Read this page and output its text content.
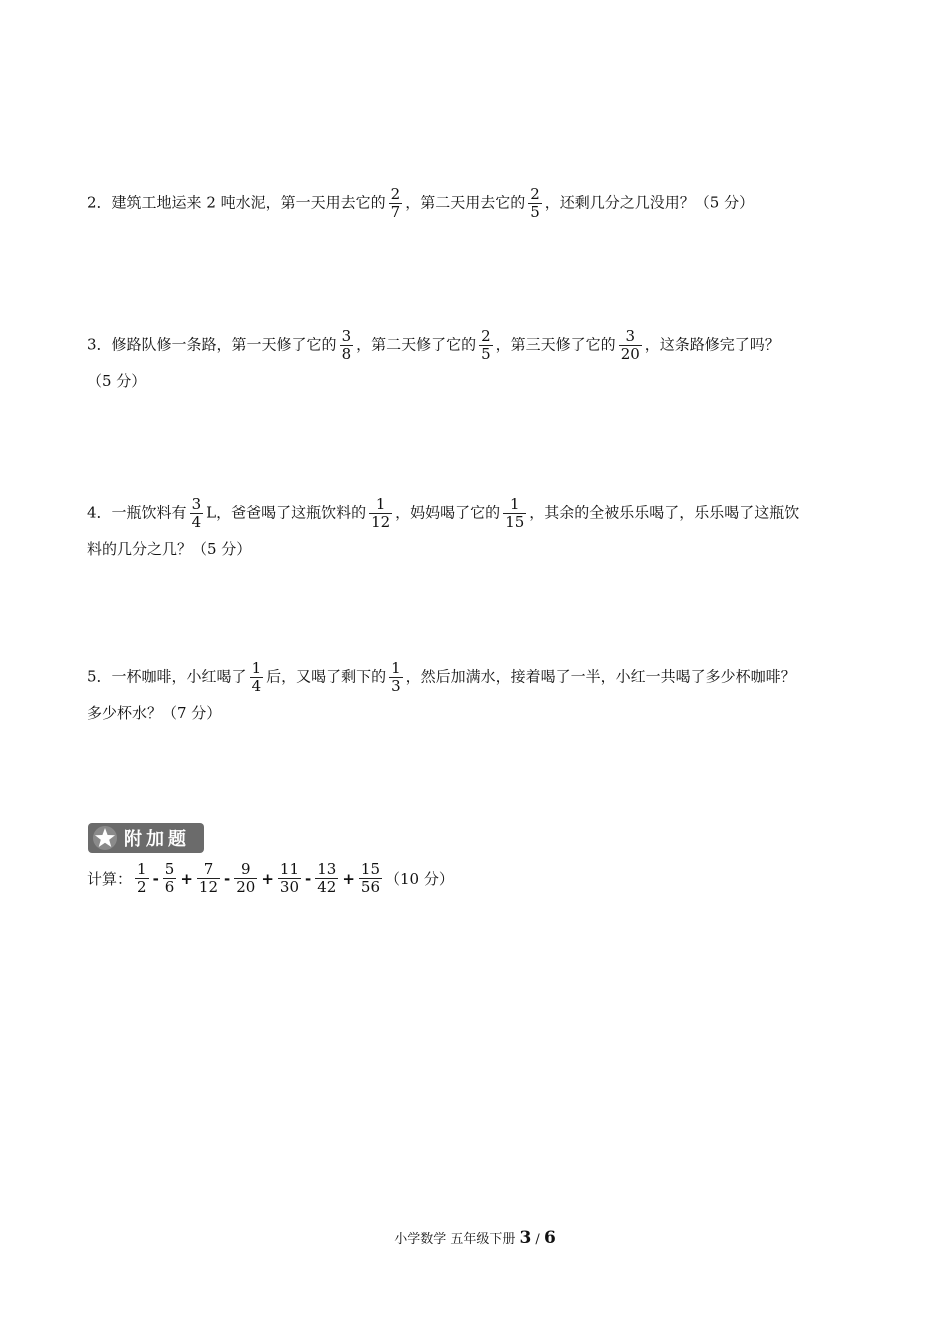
2．建筑工地运来 2 吨水泥，第一天用去它的 $\frac{2}{7}$ ，第二天用去它的 $\frac{2}{5}$ ，还剩几分之几没用？（5 分）
3．修路队修一条路，第一天修了它的 $\frac{3}{8}$ ，第二天修了它的 $\frac{2}{5}$ ，第三天修了它的 $\frac{3}{20}$ ，这条路修完了吗？
（5 分）
4．一瓶饮料有 $\frac{3}{4}$ L，爸爸喝了这瓶饮料的 $\frac{1}{12}$ ，妈妈喝了它的 $\frac{1}{15}$ ，其余的全被乐乐喝了，乐乐喝了这瓶饮
料的几分之几？（5 分）
5．一杯咖啡，小红喝了 $\frac{1}{4}$ 后，又喝了剩下的 $\frac{1}{3}$ ，然后加满水，接着喝了一半，小红一共喝了多少杯咖啡？
多少杯水？（7 分）
附加题
计算： $\frac{1}{2} - \frac{5}{6} + \frac{7}{12} - \frac{9}{20} + \frac{11}{30} - \frac{13}{42} + \frac{15}{56} (10$ 分）
小学数学 五年级下册 3 / 6
